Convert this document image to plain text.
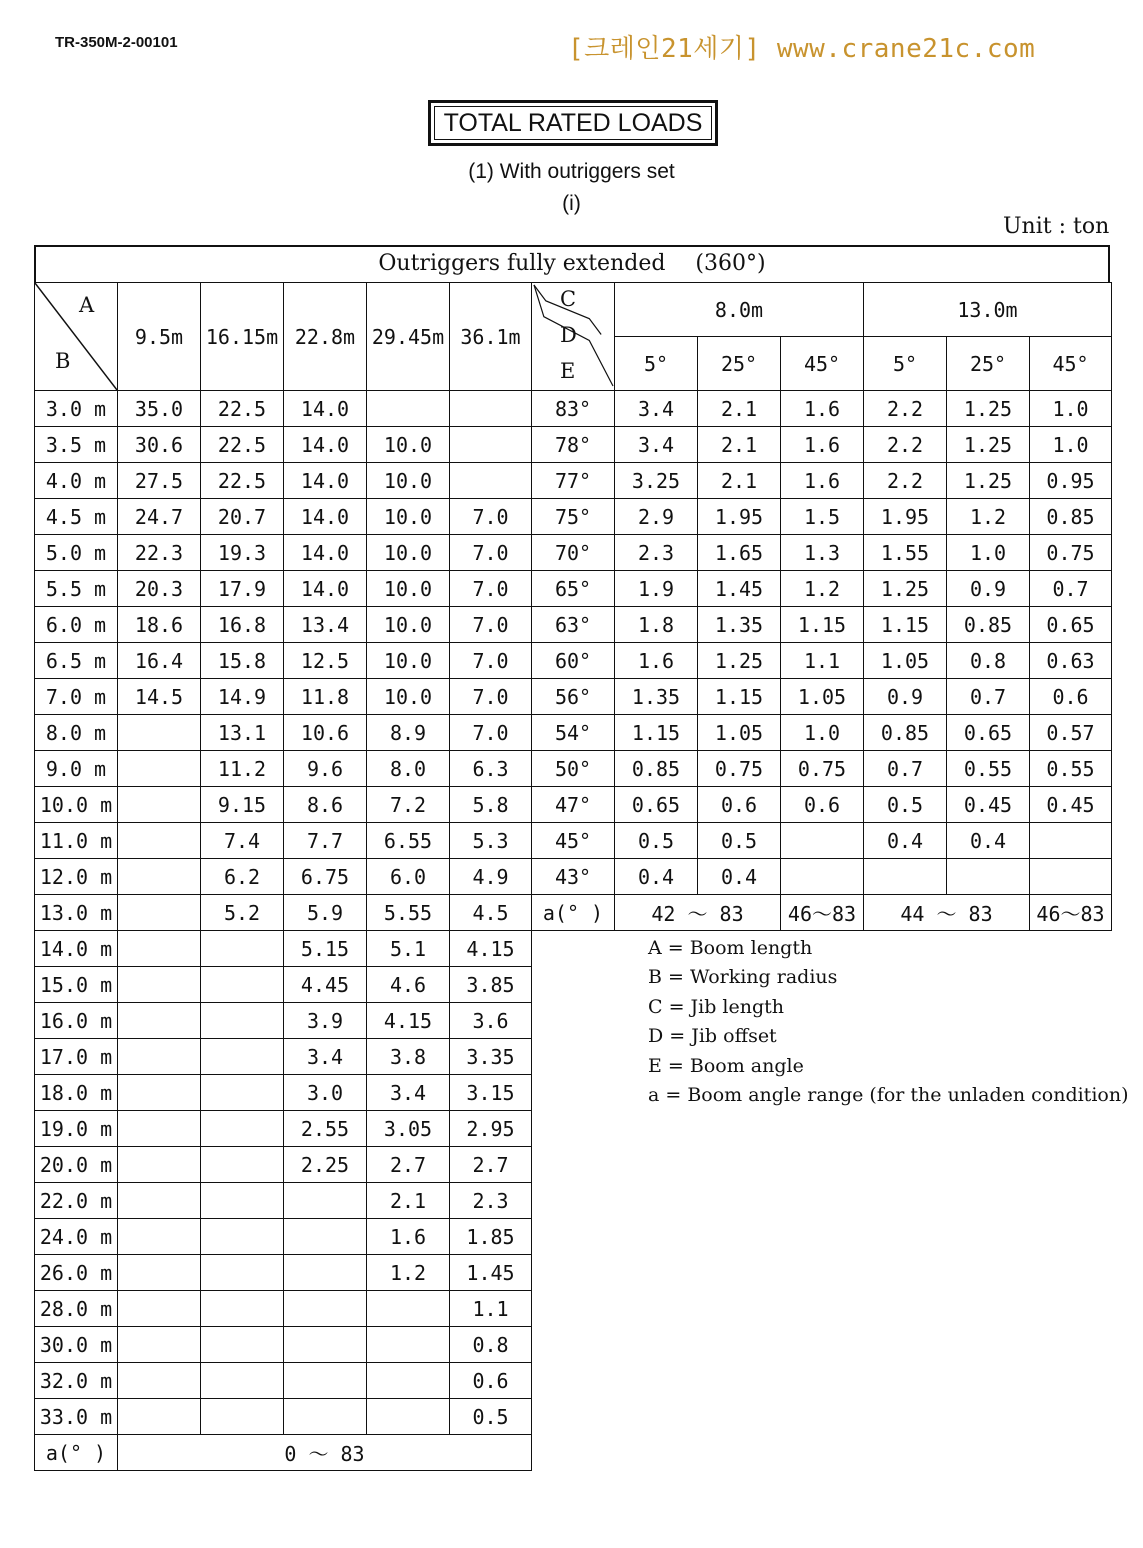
TR-350M-2-00101	[크레인21세기] www.crane21c.com
TOTAL RATED LOADS
(1) With outriggers set
(i)
Unit : ton
Outriggers fully extended (360°)
A
B	9.5m	16.15m	22.8m	29.45m	36.1m
3.0 m	35.0	22.5	14.0		
3.5 m	30.6	22.5	14.0	10.0	
4.0 m	27.5	22.5	14.0	10.0	
4.5 m	24.7	20.7	14.0	10.0	7.0
5.0 m	22.3	19.3	14.0	10.0	7.0
5.5 m	20.3	17.9	14.0	10.0	7.0
6.0 m	18.6	16.8	13.4	10.0	7.0
6.5 m	16.4	15.8	12.5	10.0	7.0
7.0 m	14.5	14.9	11.8	10.0	7.0
8.0 m		13.1	10.6	8.9	7.0
9.0 m		11.2	9.6	8.0	6.3
10.0 m		9.15	8.6	7.2	5.8
11.0 m		7.4	7.7	6.55	5.3
12.0 m		6.2	6.75	6.0	4.9
13.0 m		5.2	5.9	5.55	4.5
14.0 m			5.15	5.1	4.15
15.0 m			4.45	4.6	3.85
16.0 m			3.9	4.15	3.6
17.0 m			3.4	3.8	3.35
18.0 m			3.0	3.4	3.15
19.0 m			2.55	3.05	2.95
20.0 m			2.25	2.7	2.7
22.0 m				2.1	2.3
24.0 m				1.6	1.85
26.0 m				1.2	1.45
28.0 m					1.1
30.0 m					0.8
32.0 m					0.6
33.0 m					0.5
a(° )	0 ～ 83				
C
D
E	8.0m			13.0m		
	5°	25°	45°	5°	25°	45°
83°	3.4	2.1	1.6	2.2	1.25	1.0
78°	3.4	2.1	1.6	2.2	1.25	1.0
77°	3.25	2.1	1.6	2.2	1.25	0.95
75°	2.9	1.95	1.5	1.95	1.2	0.85
70°	2.3	1.65	1.3	1.55	1.0	0.75
65°	1.9	1.45	1.2	1.25	0.9	0.7
63°	1.8	1.35	1.15	1.15	0.85	0.65
60°	1.6	1.25	1.1	1.05	0.8	0.63
56°	1.35	1.15	1.05	0.9	0.7	0.6
54°	1.15	1.05	1.0	0.85	0.65	0.57
50°	0.85	0.75	0.75	0.7	0.55	0.55
47°	0.65	0.6	0.6	0.5	0.45	0.45
45°	0.5	0.5		0.4	0.4	
43°	0.4	0.4				
a(° )	42 ～ 83		46～83	44 ～ 83		46～83
A = Boom length
B = Working radius
C = Jib length
D = Jib offset
E = Boom angle
a = Boom angle range (for the unladen condition)
